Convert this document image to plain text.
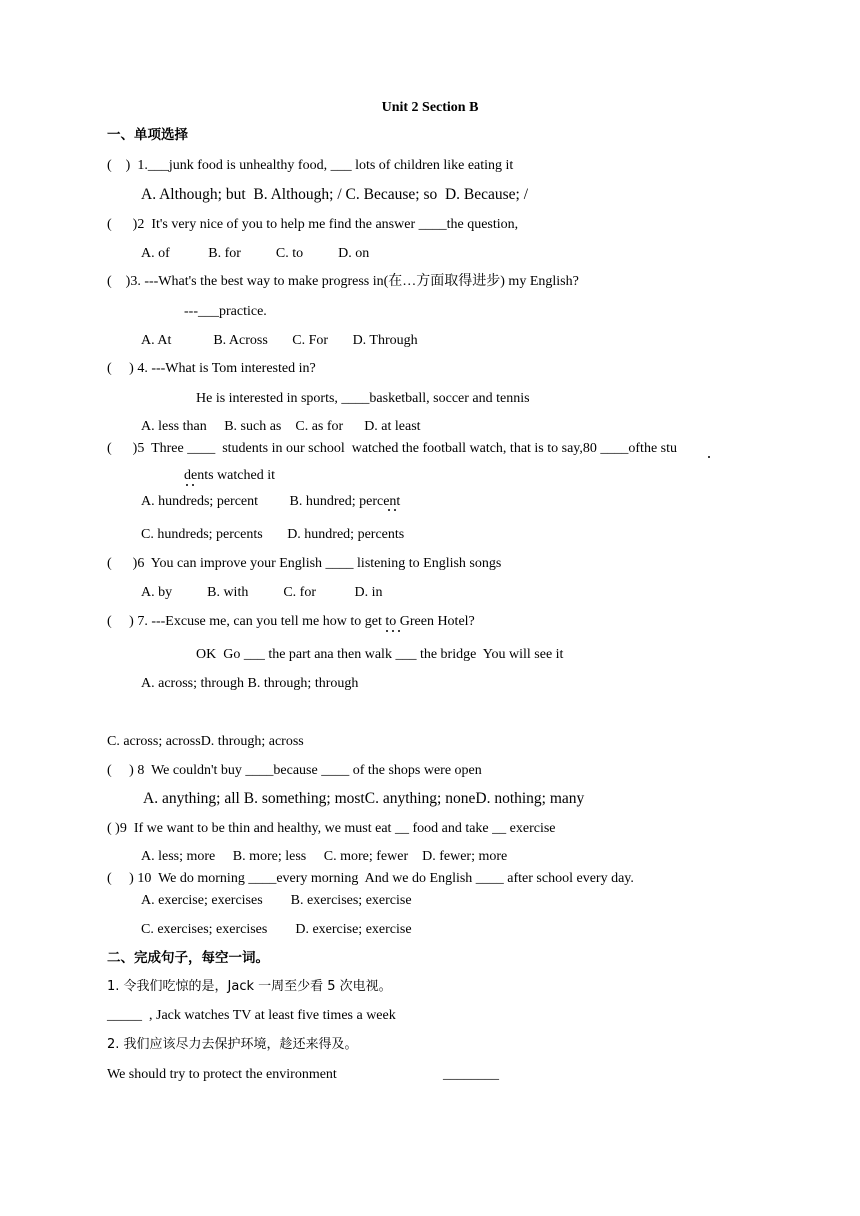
Unit 2 Section B
一、单项选择
(    )  1.___junk food is unhealthy food, ___ lots of children like eating it
A. Although; but  B. Although; / C. Because; so  D. Because; /
(      )2  It's very nice of you to help me find the answer ____the question,
A. of           B. for          C. to          D. on
(    )3. ---What's the best way to make progress in(在…方面取得进步) my English?
---___practice.
A. At            B. Across       C. For       D. Through
(     ) 4. ---What is Tom interested in?
He is interested in sports, ____basketball, soccer and tennis
A. less than     B. such as    C. as for      D. at least
(      )5  Three ____  students in our school  watched the football watch, that is to say,80 ____ofthe stu
dents watched it
A. hundreds; percent         B. hundred; percent
C. hundreds; percents       D. hundred; percents
(      )6  You can improve your English ____ listening to English songs
A. by          B. with          C. for           D. in
(     ) 7. ---Excuse me, can you tell me how to get to Green Hotel?
OK  Go ___ the part ana then walk ___ the bridge  You will see it
A. across; through B. through; through
C. across; acrossD. through; across
(     ) 8  We couldn't buy ____because ____ of the shops were open
A. anything; all B. something; mostC. anything; noneD. nothing; many
( )9  If we want to be thin and healthy, we must eat __ food and take __ exercise
A. less; more     B. more; less     C. more; fewer    D. fewer; more
(     ) 10  We do morning ____every morning  And we do English ____ after school every day.
A. exercise; exercises        B. exercises; exercise
C. exercises; exercises        D. exercise; exercise
二、完成句子，每空一词。
1. 令我们吃惊的是，Jack 一周至少看 5 次电视。
_____  , Jack watches TV at least five times a week
2. 我们应该尽力去保护环境，趁还来得及。
We should try to protect the environment	________
